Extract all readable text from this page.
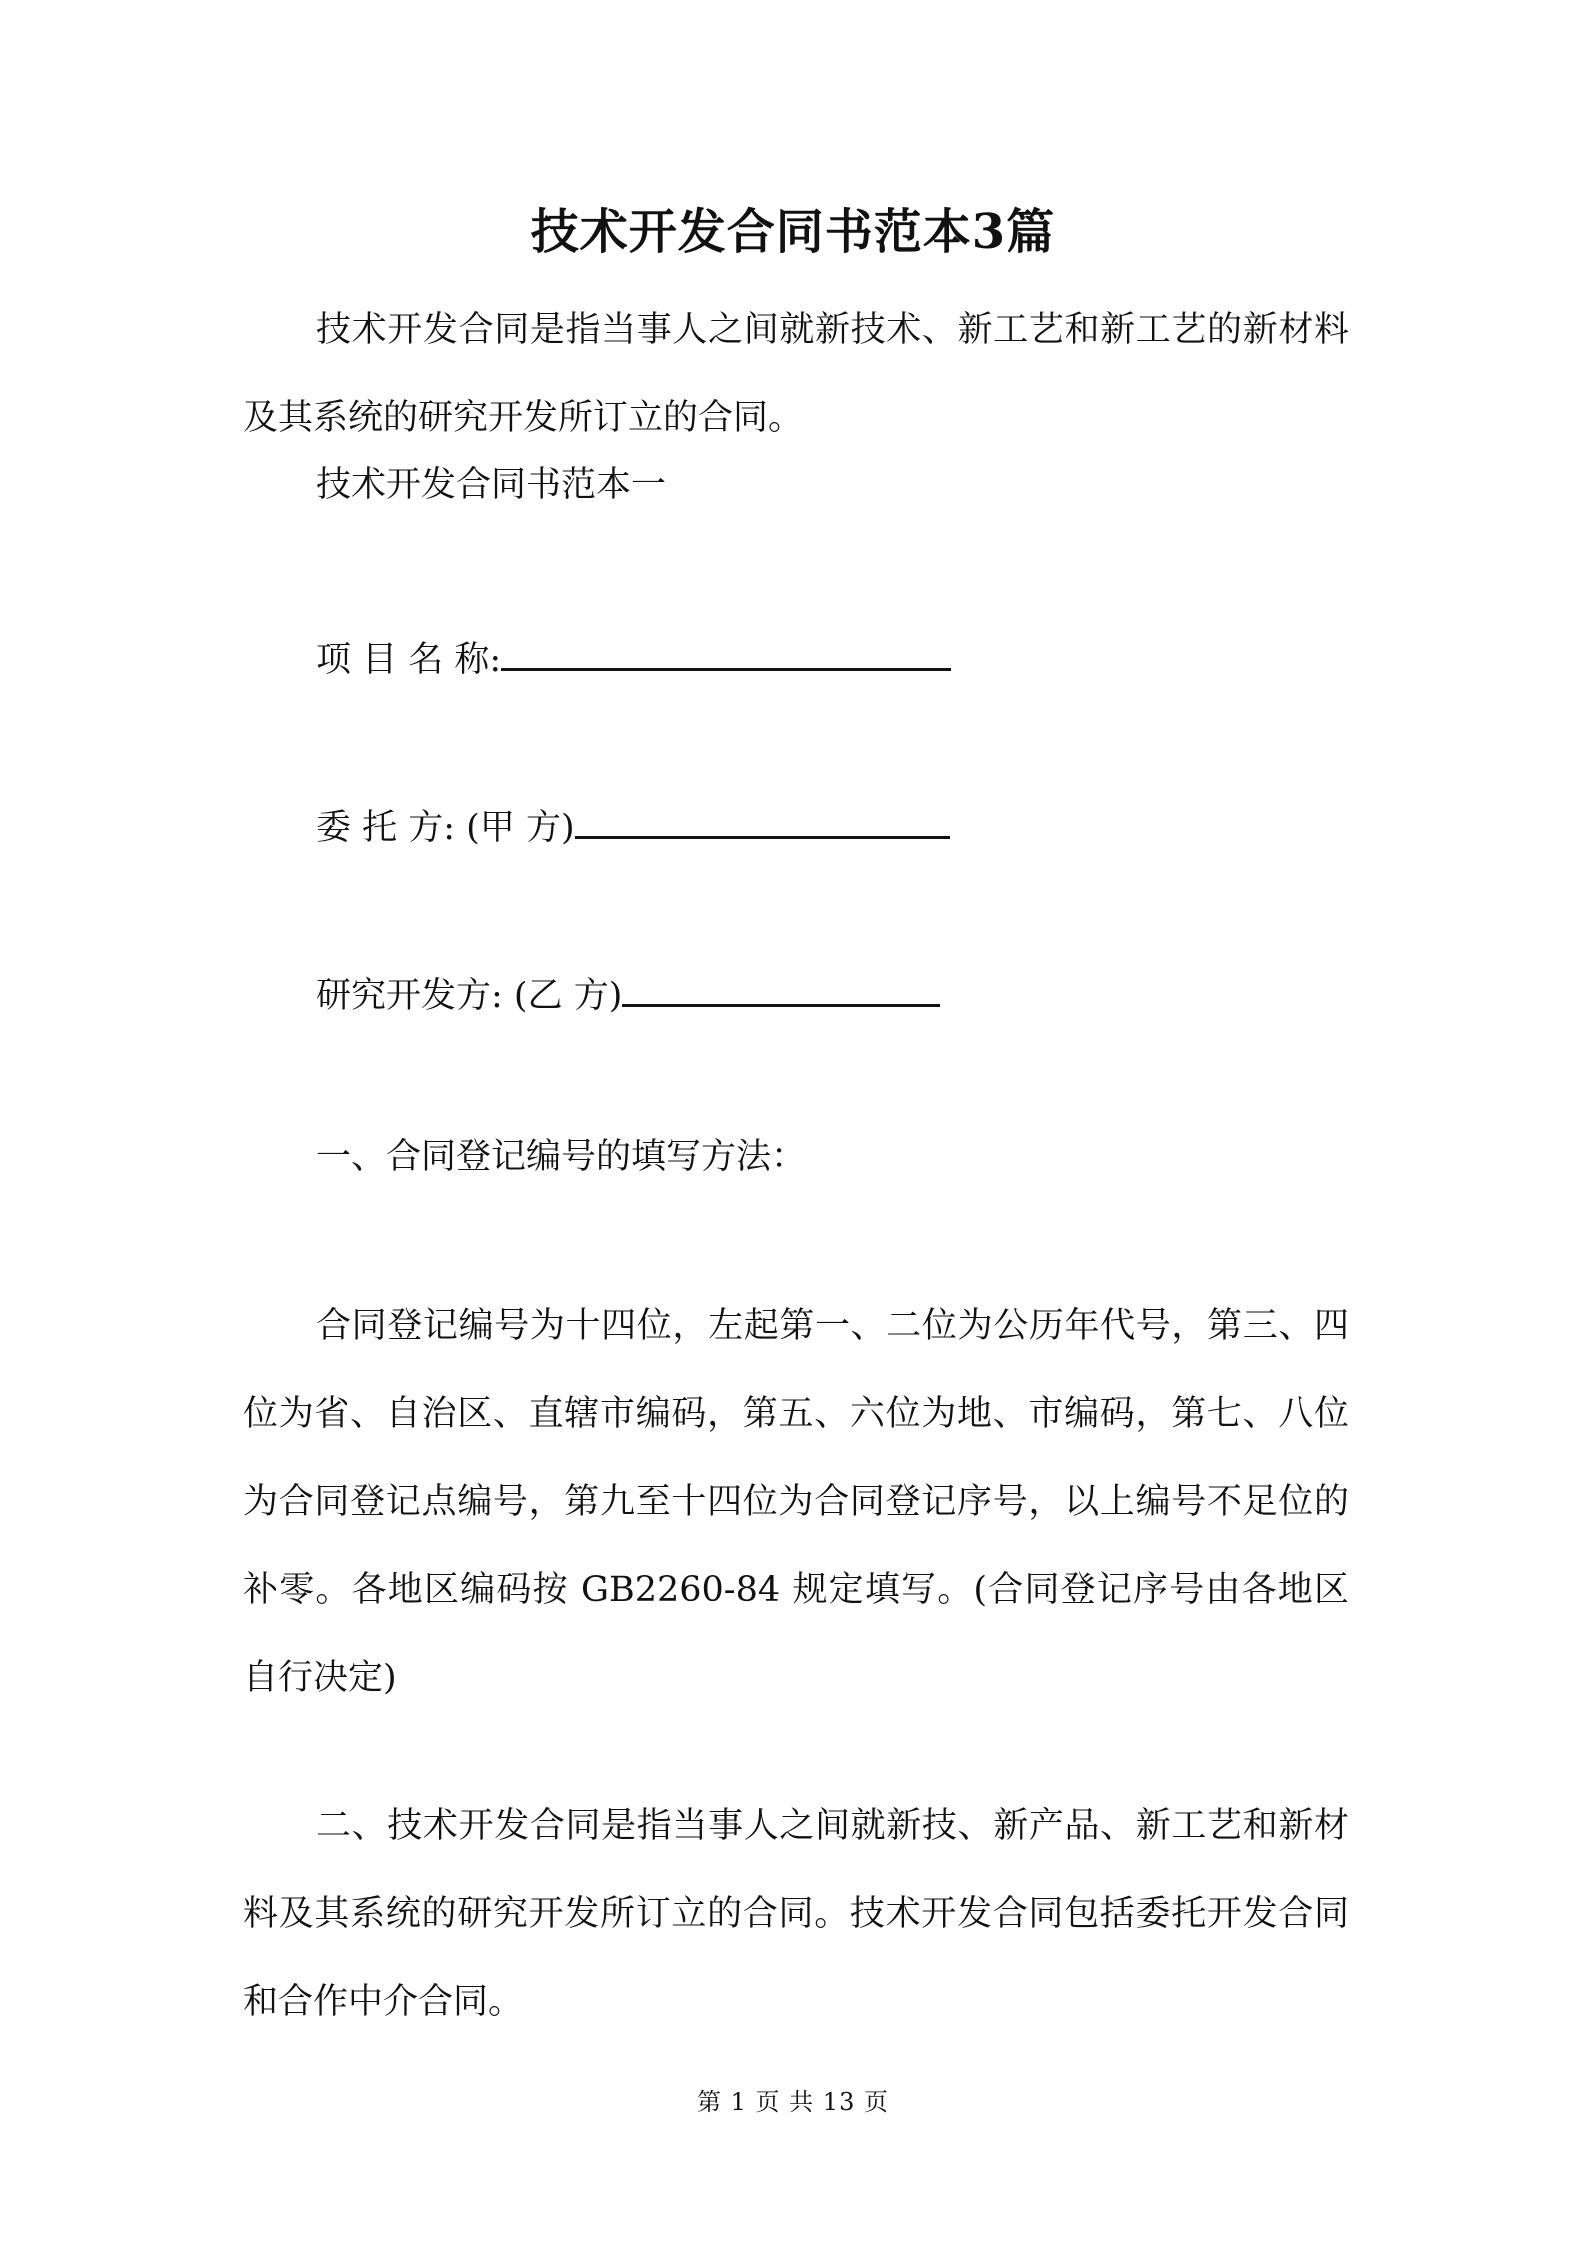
技术开发合同书范本3篇

技术开发合同是指当事人之间就新技术、新工艺和新工艺的新材料及其系统的研究开发所订立的合同。

技术开发合同书范本一
项 目 名 称:
委 托 方: (甲 方)
研究开发方: (乙 方)
一、合同登记编号的填写方法：

合同登记编号为十四位，左起第一、二位为公历年代号，第三、四位为省、自治区、直辖市编码，第五、六位为地、市编码，第七、八位为合同登记点编号，第九至十四位为合同登记序号，以上编号不足位的补零。各地区编码按 GB2260-84 规定填写。(合同登记序号由各地区自行决定)

二、技术开发合同是指当事人之间就新技、新产品、新工艺和新材料及其系统的研究开发所订立的合同。技术开发合同包括委托开发合同和合作中介合同。

第 1 页 共 13 页
